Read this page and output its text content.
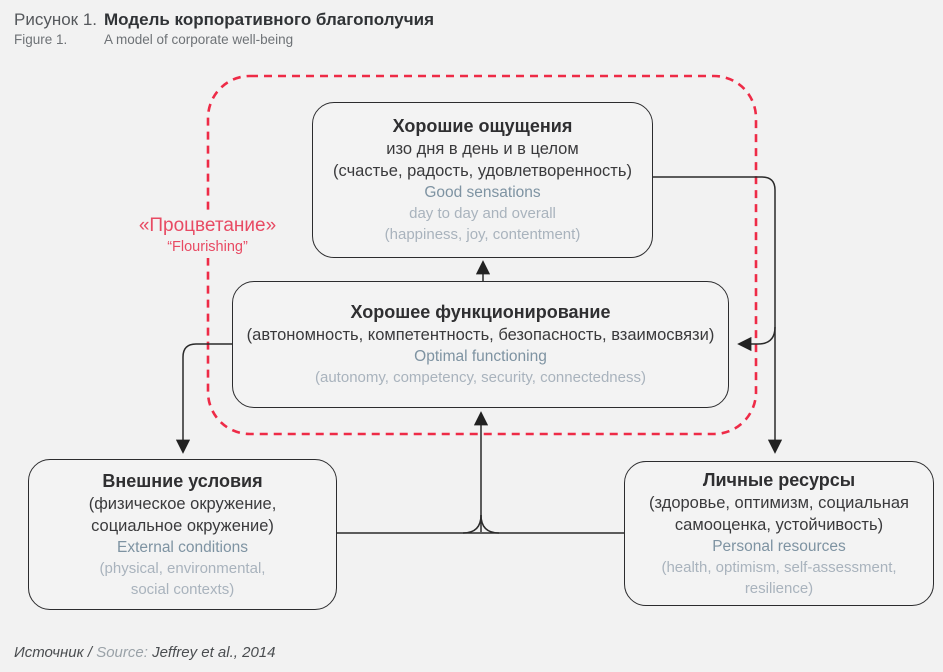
Рисунок 1. Модель корпоративного благополучия
Figure 1.	A model of corporate well-being
«Процветание»
“Flourishing”
Хорошие ощущения
изо дня в день и в целом
(счастье, радость, удовлетворенность)
Good sensations
day to day and overall
(happiness, joy, contentment)
Хорошее функционирование
(автономность, компетентность, безопасность, взаимосвязи)
Optimal functioning
(autonomy, competency, security, connectedness)
Внешние условия
(физическое окружение,
социальное окружение)
External conditions
(physical, environmental,
social contexts)
Личные ресурсы
(здоровье, оптимизм, социальная
самооценка, устойчивость)
Personal resources
(health, optimism, self-assessment,
resilience)
Источник / Source: Jeffrey et al., 2014
